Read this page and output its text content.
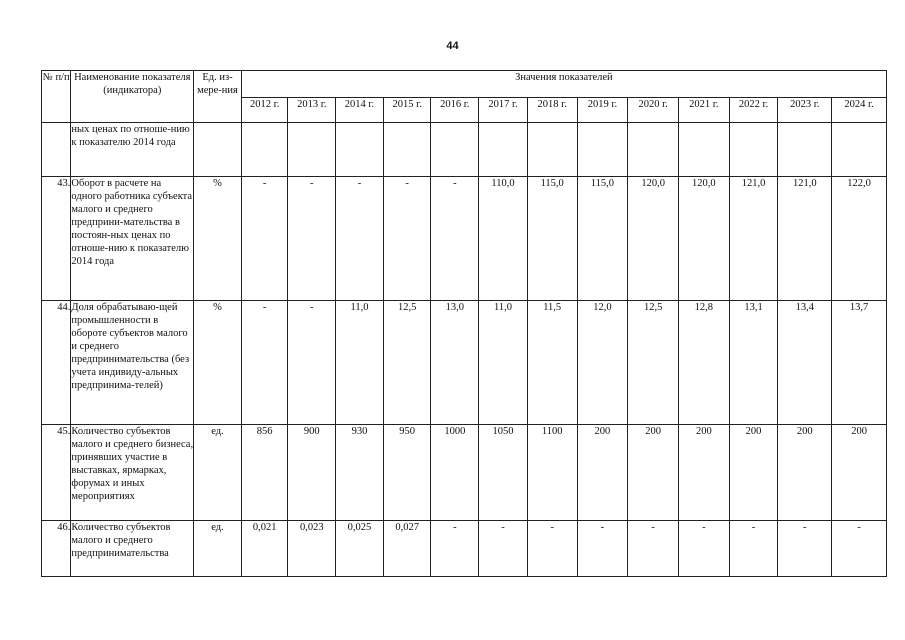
44
№ п/п	Наименование показателя (индикатора)	Ед. из-мере-ния	Значения показателей												
			2012 г.	2013 г.	2014 г.	2015 г.	2016 г.	2017 г.	2018 г.	2019 г.	2020 г.	2021 г.	2022 г.	2023 г.	2024 г.
	ных ценах по отноше-нию к показателю 2014 года														
43.	Оборот в расчете на одного работника субъекта малого и среднего предприни-мательства в постоян-ных ценах по отноше-нию к показателю 2014 года	%	-	-	-	-	-	110,0	115,0	115,0	120,0	120,0	121,0	121,0	122,0
44.	Доля обрабатываю-щей промышленности в обороте субъектов малого и среднего предпринимательства (без учета индивиду-альных предпринима-телей)	%	-	-	11,0	12,5	13,0	11,0	11,5	12,0	12,5	12,8	13,1	13,4	13,7
45.	Количество субъектов малого и среднего бизнеса, принявших участие в выставках, ярмарках, форумах и иных мероприятиях	ед.	856	900	930	950	1000	1050	1100	200	200	200	200	200	200
46.	Количество субъектов малого и среднего предпринимательства	ед.	0,021	0,023	0,025	0,027	-	-	-	-	-	-	-	-	-
